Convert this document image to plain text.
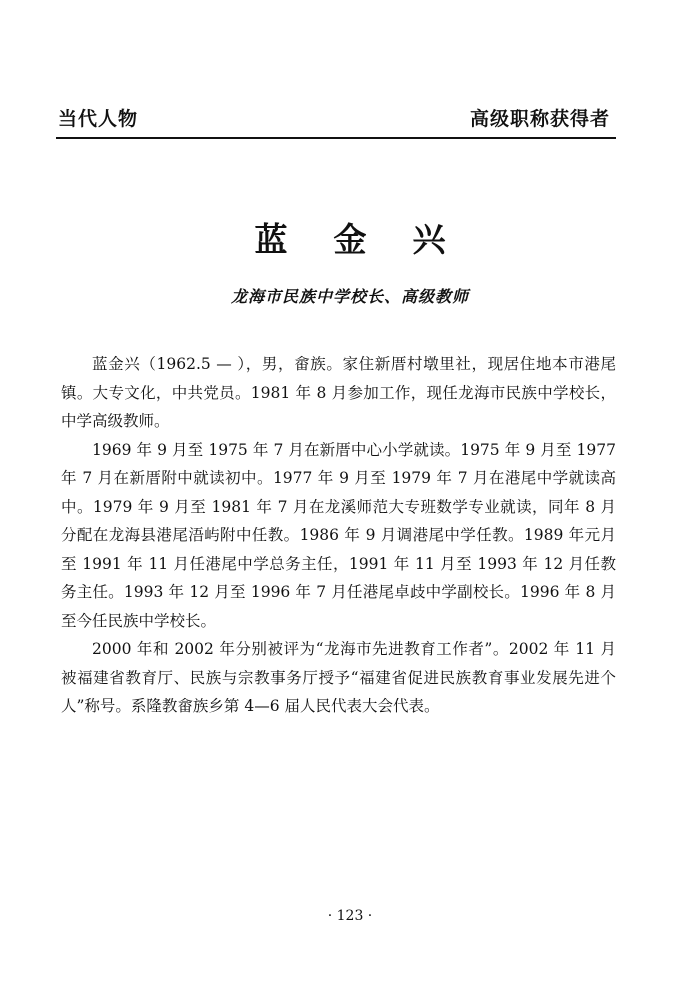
当代人物	高级职称获得者
蓝金兴
龙海市民族中学校长、高级教师

蓝金兴（1962.5 — ），男，畲族。家住新厝村墩里社，现居住地本市港尾镇。大专文化，中共党员。1981 年 8 月参加工作，现任龙海市民族中学校长，中学高级教师。

1969 年 9 月至 1975 年 7 月在新厝中心小学就读。1975 年 9 月至 1977 年 7 月在新厝附中就读初中。1977 年 9 月至 1979 年 7 月在港尾中学就读高中。1979 年 9 月至 1981 年 7 月在龙溪师范大专班数学专业就读，同年 8 月分配在龙海县港尾浯屿附中任教。1986 年 9 月调港尾中学任教。1989 年元月至 1991 年 11 月任港尾中学总务主任，1991 年 11 月至 1993 年 12 月任教务主任。1993 年 12 月至 1996 年 7 月任港尾卓歧中学副校长。1996 年 8 月至今任民族中学校长。

2000 年和 2002 年分别被评为“龙海市先进教育工作者”。2002 年 11 月被福建省教育厅、民族与宗教事务厅授予“福建省促进民族教育事业发展先进个人”称号。系隆教畲族乡第 4—6 届人民代表大会代表。

· 123 ·
